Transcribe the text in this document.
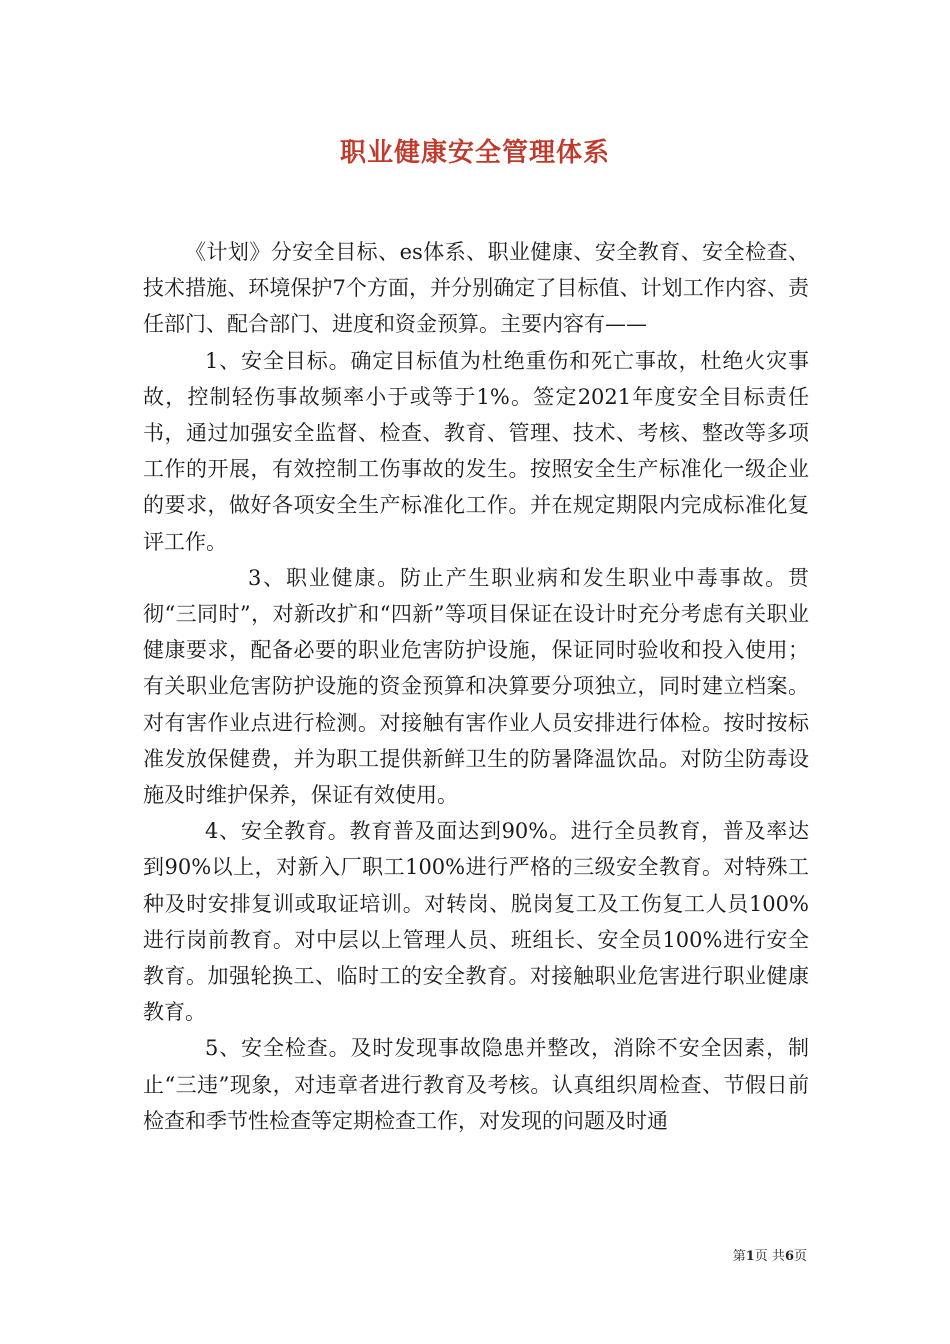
职业健康安全管理体系

《计划》分安全目标、es体系、职业健康、安全教育、安全检查、技术措施、环境保护7个方面，并分别确定了目标值、计划工作内容、责任部门、配合部门、进度和资金预算。主要内容有——

1、安全目标。确定目标值为杜绝重伤和死亡事故，杜绝火灾事故，控制轻伤事故频率小于或等于1%。签定2021年度安全目标责任书，通过加强安全监督、检查、教育、管理、技术、考核、整改等多项工作的开展，有效控制工伤事故的发生。按照安全生产标准化一级企业的要求，做好各项安全生产标准化工作。并在规定期限内完成标准化复评工作。

3、职业健康。防止产生职业病和发生职业中毒事故。贯彻“三同时”，对新改扩和“四新”等项目保证在设计时充分考虑有关职业健康要求，配备必要的职业危害防护设施，保证同时验收和投入使用；有关职业危害防护设施的资金预算和决算要分项独立，同时建立档案。对有害作业点进行检测。对接触有害作业人员安排进行体检。按时按标准发放保健费，并为职工提供新鲜卫生的防暑降温饮品。对防尘防毒设施及时维护保养，保证有效使用。

4、安全教育。教育普及面达到90%。进行全员教育，普及率达到90%以上，对新入厂职工100%进行严格的三级安全教育。对特殊工种及时安排复训或取证培训。对转岗、脱岗复工及工伤复工人员100%进行岗前教育。对中层以上管理人员、班组长、安全员100%进行安全教育。加强轮换工、临时工的安全教育。对接触职业危害进行职业健康教育。

5、安全检查。及时发现事故隐患并整改，消除不安全因素，制止“三违”现象，对违章者进行教育及考核。认真组织周检查、节假日前检查和季节性检查等定期检查工作，对发现的问题及时通

第1页 共6页
